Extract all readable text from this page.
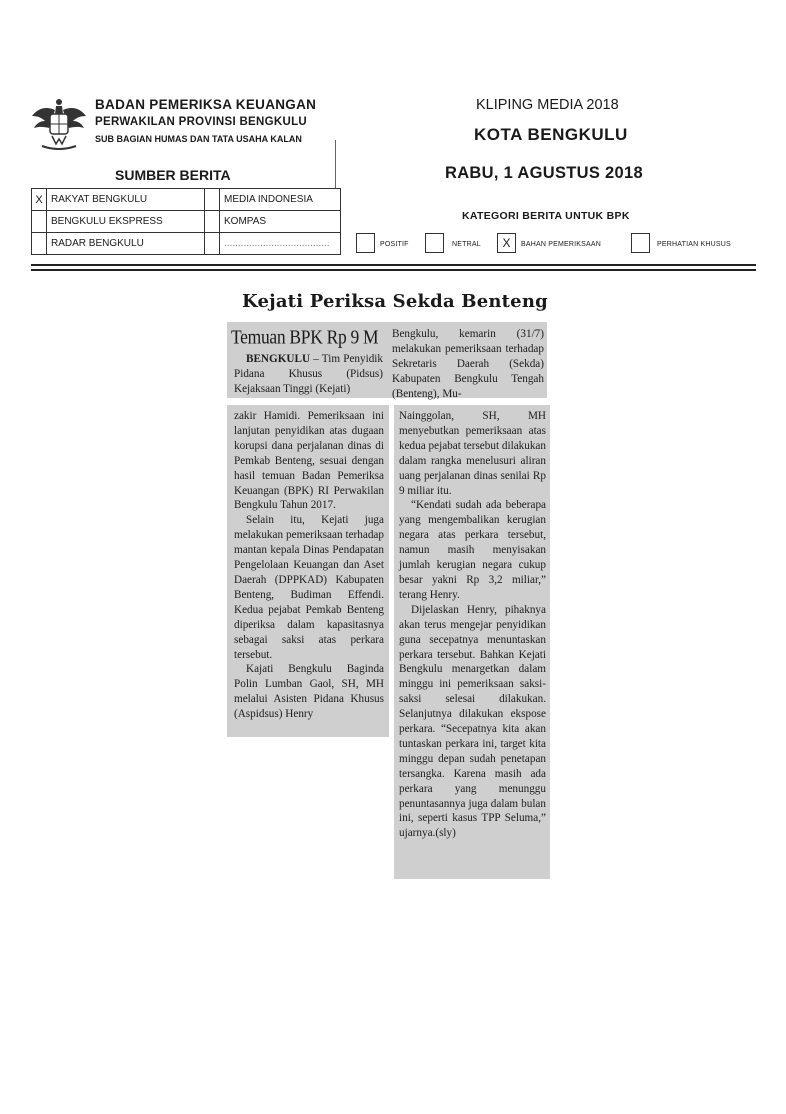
BADAN PEMERIKSA KEUANGAN
PERWAKILAN PROVINSI BENGKULU
SUB BAGIAN HUMAS DAN TATA USAHA KALAN
KLIPING MEDIA 2018
KOTA BENGKULU
RABU, 1 AGUSTUS 2018
SUMBER BERITA
X	RAKYAT BENGKULU		MEDIA INDONESIA
	BENGKULU EKSPRESS		KOMPAS
	RADAR BENGKULU		......................................
KATEGORI BERITA UNTUK BPK
POSITIF	NETRAL	X	BAHAN PEMERIKSAAN	PERHATIAN KHUSUS
Kejati Periksa Sekda Benteng
Temuan BPK Rp 9 M

BENGKULU – Tim Penyidik Pidana Khusus (Pidsus) Kejaksaan Tinggi (Kejati)

Bengkulu, kemarin (31/7) melakukan pemeriksaan terhadap Sekretaris Daerah (Sekda) Kabupaten Bengkulu Tengah (Benteng), Mu-

zakir Hamidi. Pemeriksaan ini lanjutan penyidikan atas dugaan korupsi dana perjalanan dinas di Pemkab Benteng, sesuai dengan hasil temuan Badan Pemeriksa Keuangan (BPK) RI Perwakilan Bengkulu Tahun 2017.

Selain itu, Kejati juga melakukan pemeriksaan terhadap mantan kepala Dinas Pendapatan Pengelolaan Keuangan dan Aset Daerah (DPPKAD) Kabupaten Benteng, Budiman Effendi. Kedua pejabat Pemkab Benteng diperiksa dalam kapasitasnya sebagai saksi atas perkara tersebut.

Kajati Bengkulu Baginda Polin Lumban Gaol, SH, MH melalui Asisten Pidana Khusus (Aspidsus) Henry

Nainggolan, SH, MH menyebutkan pemeriksaan atas kedua pejabat tersebut dilakukan dalam rangka menelusuri aliran uang perjalanan dinas senilai Rp 9 miliar itu.

“Kendati sudah ada beberapa yang mengembalikan kerugian negara atas perkara tersebut, namun masih menyisakan jumlah kerugian negara cukup besar yakni Rp 3,2 miliar,” terang Henry.

Dijelaskan Henry, pihaknya akan terus mengejar penyidikan guna secepatnya menuntaskan perkara tersebut. Bahkan Kejati Bengkulu menargetkan dalam minggu ini pemeriksaan saksi-saksi selesai dilakukan. Selanjutnya dilakukan ekspose perkara. “Secepatnya kita akan tuntaskan perkara ini, target kita minggu depan sudah penetapan tersangka. Karena masih ada perkara yang menunggu penuntasannya juga dalam bulan ini, seperti kasus TPP Seluma,” ujarnya.(sly)
